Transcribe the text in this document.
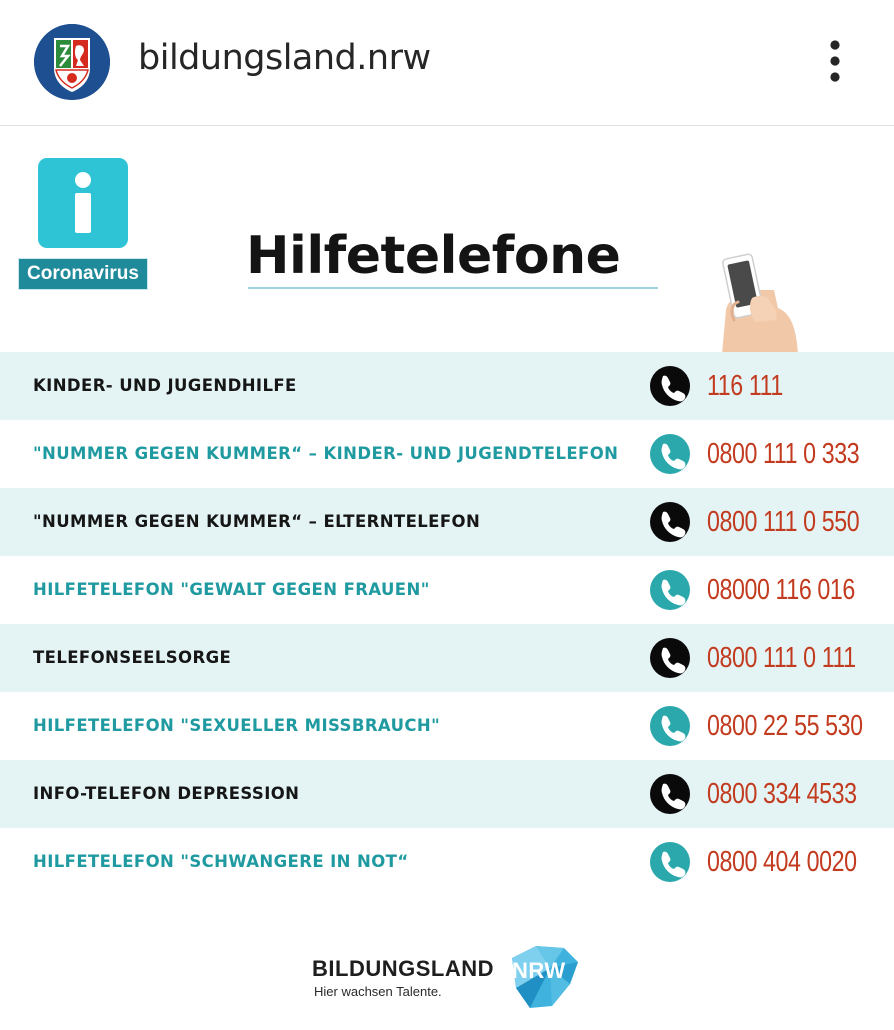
bildungsland.nrw
Coronavirus Hilfetelefone
KINDER- UND JUGENDHILFE	116 111
"NUMMER GEGEN KUMMER“ – KINDER- UND JUGENDTELEFON	0800 111 0 333
"NUMMER GEGEN KUMMER“ – ELTERNTELEFON	0800 111 0 550
HILFETELEFON "GEWALT GEGEN FRAUEN"	08000 116 016
TELEFONSEELSORGE	0800 111 0 111
HILFETELEFON "SEXUELLER MISSBRAUCH"	0800 22 55 530
INFO-TELEFON DEPRESSION	0800 334 4533
HILFETELEFON "SCHWANGERE IN NOT“	0800 404 0020
BILDUNGSLAND
Hier wachsen Talente.
NRW
